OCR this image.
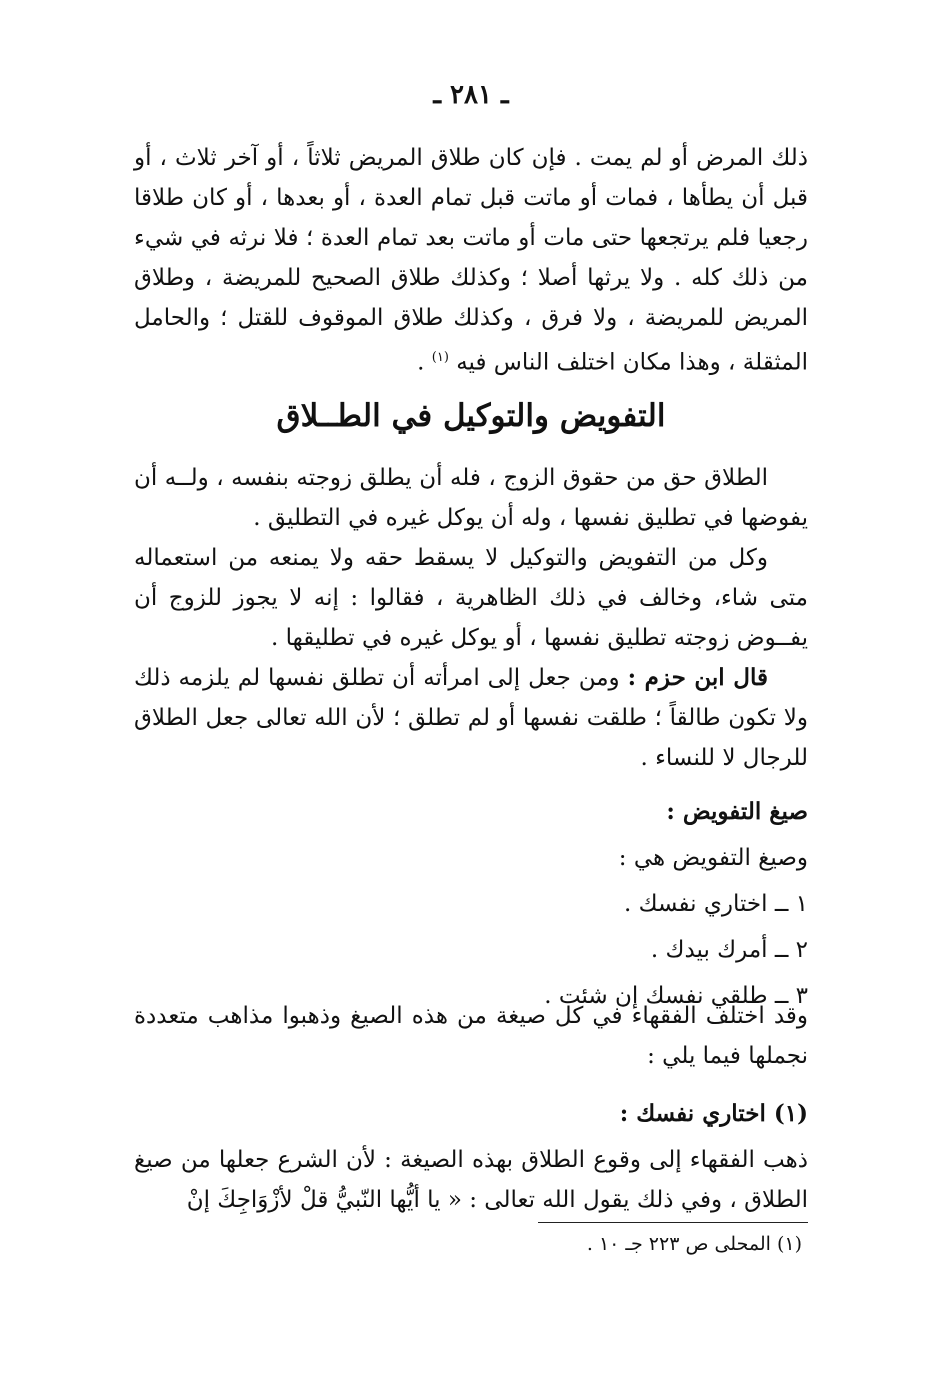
ـ ٢٨١ ـ

ذلك المرض أو لم يمت . فإن كان طلاق المريض ثلاثاً ، أو آخر ثلاث ، أو قبل أن يطأها ، فمات أو ماتت قبل تمام العدة ، أو بعدها ، أو كان طلاقا رجعيا فلم يرتجعها حتى مات أو ماتت بعد تمام العدة ؛ فلا نرثه في شيء من ذلك كله . ولا يرثها أصلا ؛ وكذلك طلاق الصحيح للمريضة ، وطلاق المريض للمريضة ، ولا فرق ، وكذلك طلاق الموقوف للقتل ؛ والحامل المثقلة ، وهذا مكان اختلف الناس فيه $^{(١)}$ .

التفويض والتوكيل في الطــلاق

الطلاق حق من حقوق الزوج ، فله أن يطلق زوجته بنفسه ، ولــه أن يفوضها في تطليق نفسها ، وله أن يوكل غيره في التطليق .

وكل من التفويض والتوكيل لا يسقط حقه ولا يمنعه من استعماله متى شاء، وخالف في ذلك الظاهرية ، فقالوا : إنه لا يجوز للزوج أن يفــوض زوجته تطليق نفسها ، أو يوكل غيره في تطليقها .

قال ابن حزم : ومن جعل إلى امرأته أن تطلق نفسها لم يلزمه ذلك ولا تكون طالقاً ؛ طلقت نفسها أو لم تطلق ؛ لأن الله تعالى جعل الطلاق للرجال لا للنساء .

صيغ التفويض :

وصيغ التفويض هي :

١ ــ اختاري نفسك .

٢ ــ أمرك بيدك .

٣ ــ طلقي نفسك إن شئت .

وقد اختلف الفقهاء في كل صيغة من هذه الصيغ وذهبوا مذاهب متعددة نجملها فيما يلي :

(١) اختاري نفسك :

ذهب الفقهاء إلى وقوع الطلاق بهذه الصيغة : لأن الشرع جعلها من صيغ الطلاق ، وفي ذلك يقول الله تعالى : « يا أيُّها النّبيُّ قلْ لأزْوَاجِكَ إنْ

(١) المحلى ص ٢٢٣ جـ ١٠ .
